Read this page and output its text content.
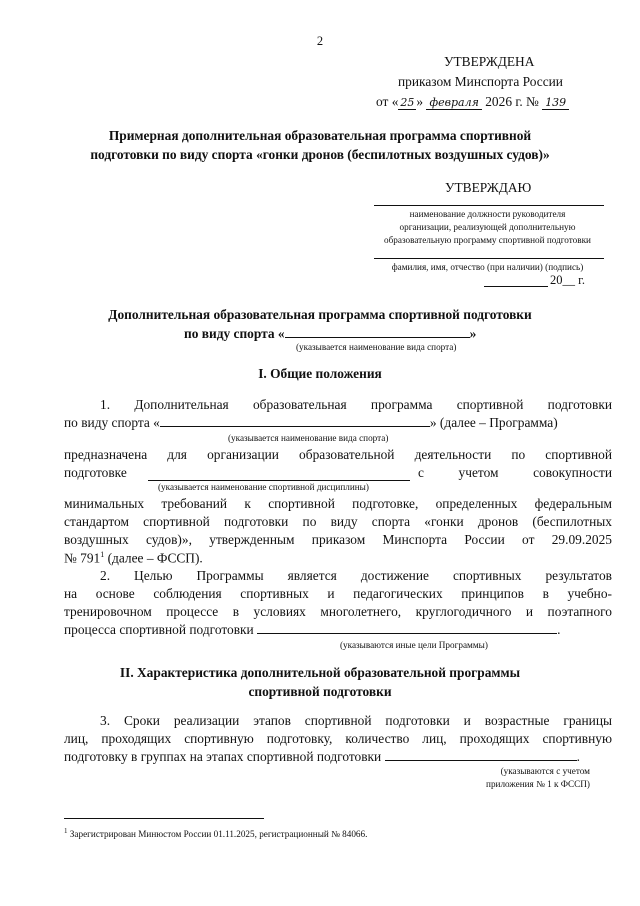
2
УТВЕРЖДЕНА
приказом Минспорта России
от « 25 » февраля 2026 г. № 139
Примерная дополнительная образовательная программа спортивной
подготовки по виду спорта «гонки дронов (беспилотных воздушных судов)»
УТВЕРЖДАЮ
наименование должности руководителя
организации, реализующей дополнительную
образовательную программу спортивной подготовки
фамилия, имя, отчество (при наличии) (подпись)
20__ г.
Дополнительная образовательная программа спортивной подготовки
по виду спорта «	»
(указывается наименование вида спорта)
I. Общие положения
1. Дополнительная образовательная программа спортивной подготовки
по виду спорта «	» (далее – Программа)
(указывается наименование вида спорта)
предназначена для организации образовательной деятельности по спортивной
подготовке	с учетом совокупности
(указывается наименование спортивной дисциплины)
минимальных требований к спортивной подготовке, определенных федеральным
стандартом спортивной подготовки по виду спорта «гонки дронов (беспилотных
воздушных судов)», утвержденным приказом Минспорта России от 29.09.2025
№ $791^1$ (далее – ФССП).
2. Целью Программы является достижение спортивных результатов
на основе соблюдения спортивных и педагогических принципов в учебно-
тренировочном процессе в условиях многолетнего, круглогодичного и поэтапного
процесса спортивной подготовки	.
(указываются иные цели Программы)
II. Характеристика дополнительной образовательной программы
спортивной подготовки
3. Сроки реализации этапов спортивной подготовки и возрастные границы
лиц, проходящих спортивную подготовку, количество лиц, проходящих спортивную
подготовку в группах на этапах спортивной подготовки	.
(указываются с учетом
приложения № 1 к ФССП)
$^1$ Зарегистрирован Минюстом России 01.11.2025, регистрационный № 84066.
